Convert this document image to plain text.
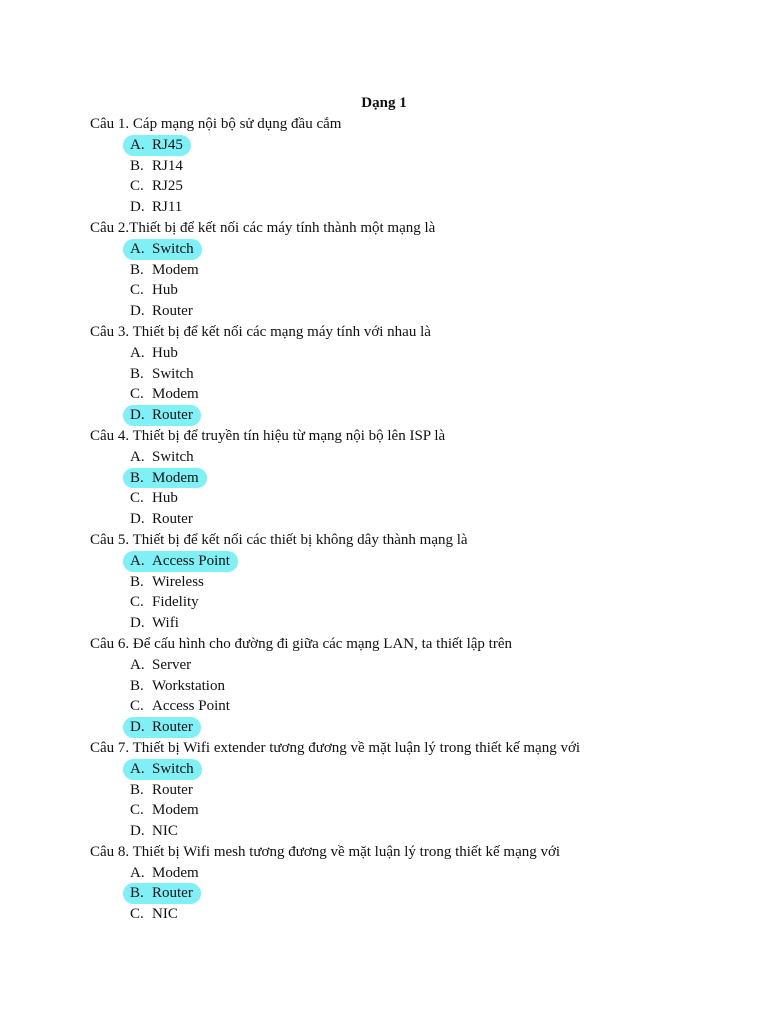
Dạng 1
Câu 1. Cáp mạng nội bộ sử dụng đầu cắm
A. RJ45
B. RJ14
C. RJ25
D. RJ11
Câu 2.Thiết bị để kết nối các máy tính thành một mạng là
A. Switch
B. Modem
C. Hub
D. Router
Câu 3. Thiết bị để kết nối các mạng máy tính với nhau là
A. Hub
B. Switch
C. Modem
D. Router
Câu 4. Thiết bị để truyền tín hiệu từ mạng nội bộ lên ISP là
A. Switch
B. Modem
C. Hub
D. Router
Câu 5. Thiết bị để kết nối các thiết bị không dây thành mạng là
A. Access Point
B. Wireless
C. Fidelity
D. Wifi
Câu 6. Để cấu hình cho đường đi giữa các mạng LAN, ta thiết lập trên
A. Server
B. Workstation
C. Access Point
D. Router
Câu 7. Thiết bị Wifi extender tương đương về mặt luận lý trong thiết kế mạng với
A. Switch
B. Router
C. Modem
D. NIC
Câu 8. Thiết bị Wifi mesh tương đương về mặt luận lý trong thiết kế mạng với
A. Modem
B. Router
C. NIC
